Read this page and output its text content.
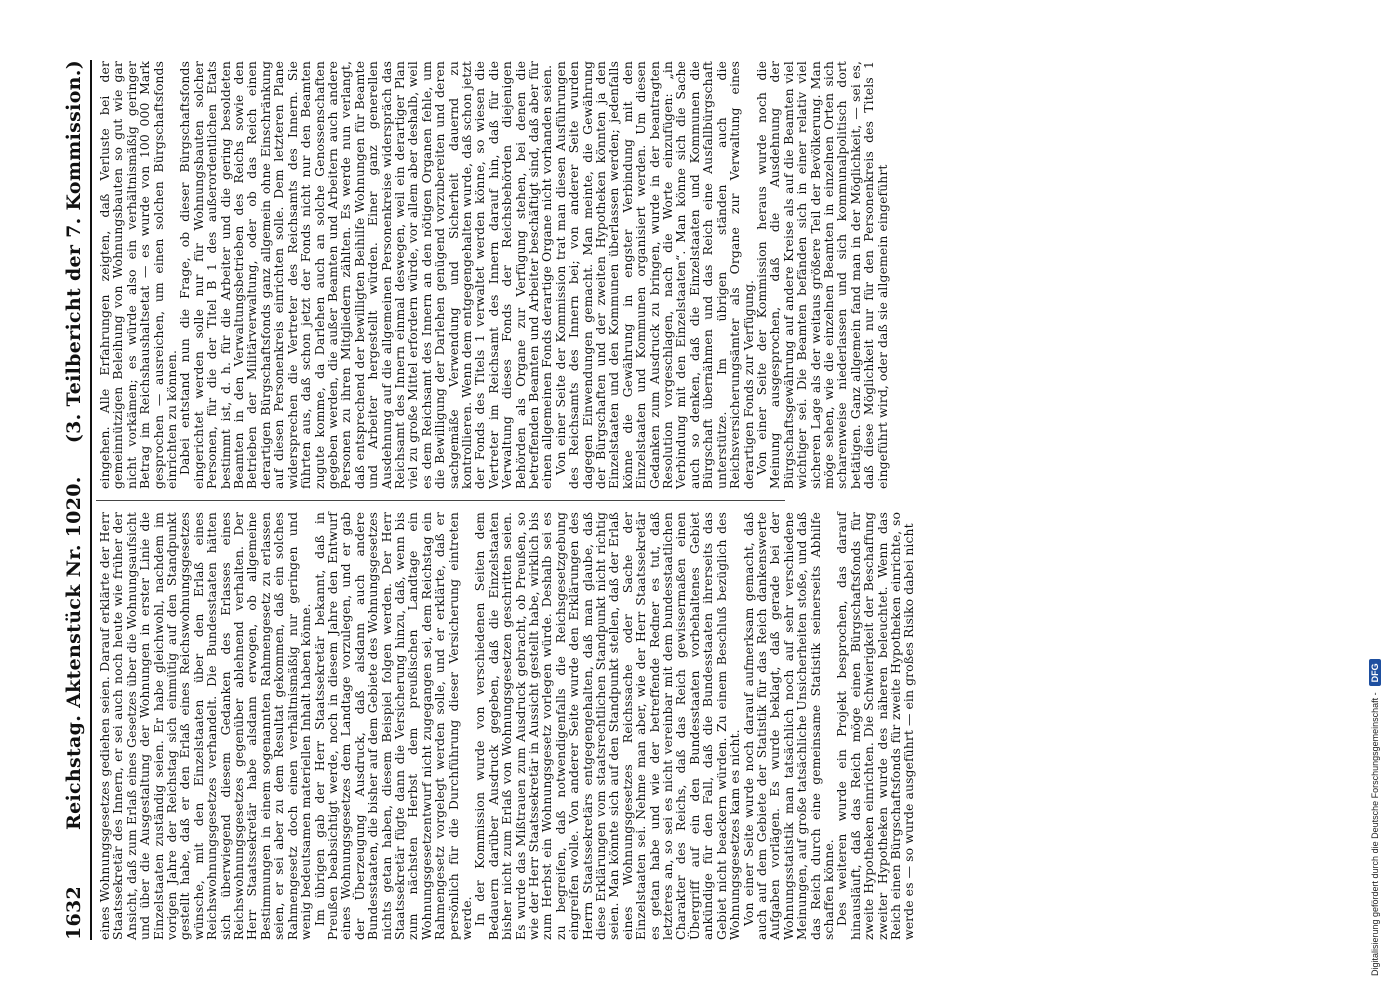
1632
Reichstag. Aktenstück Nr. 1020.
(3. Teilbericht der 7. Kommission.)

eines Wohnungsgesetzes gediehen seien. Darauf erklärte der Herr Staatssekretär des Innern, er sei auch noch heute wie früher der Ansicht, daß zum Erlaß eines Gesetzes über die Wohnungsaufsicht und über die Ausgestaltung der Wohnungen in erster Linie die Einzelstaaten zuständig seien. Er habe gleichwohl, nachdem im vorigen Jahre der Reichstag sich einmütig auf den Standpunkt gestellt habe, daß er den Erlaß eines Reichswohnungsgesetzes wünsche, mit den Einzelstaaten über den Erlaß eines Reichswohnungsgesetzes verhandelt. Die Bundesstaaten hätten sich überwiegend diesem Gedanken des Erlasses eines Reichswohnungsgesetzes gegenüber ablehnend verhalten. Der Herr Staatssekretär habe alsdann erwogen, ob allgemeine Bestimmungen in einem sogenannten Rahmengesetz zu erlassen seien, er sei aber zu dem Resultat gekommen, daß ein solches Rahmengesetz doch einen verhältnismäßig nur geringen und wenig bedeutsamen materiellen Inhalt haben könne.

Im übrigen gab der Herr Staatssekretär bekannt, daß in Preußen beabsichtigt werde, noch in diesem Jahre den Entwurf eines Wohnungsgesetzes dem Landtage vorzulegen, und er gab der Überzeugung Ausdruck, daß alsdann auch andere Bundesstaaten, die bisher auf dem Gebiete des Wohnungsgesetzes nichts getan haben, diesem Beispiel folgen werden. Der Herr Staatssekretär fügte dann die Versicherung hinzu, daß, wenn bis zum nächsten Herbst dem preußischen Landtage ein Wohnungsgesetzentwurf nicht zugegangen sei, dem Reichstag ein Rahmengesetz vorgelegt werden solle, und er erklärte, daß er persönlich für die Durchführung dieser Versicherung eintreten werde.

In der Kommission wurde von verschiedenen Seiten dem Bedauern darüber Ausdruck gegeben, daß die Einzelstaaten bisher nicht zum Erlaß von Wohnungsgesetzen geschritten seien. Es wurde das Mißtrauen zum Ausdruck gebracht, ob Preußen, so wie der Herr Staatssekretär in Aussicht gestellt habe, wirklich bis zum Herbst ein Wohnungsgesetz vorlegen würde. Deshalb sei es zu begreifen, daß notwendigenfalls die Reichsgesetzgebung eingreifen wolle. Von anderer Seite wurde den Erklärungen des Herrn Staatssekretärs entgegengehalten, daß man glaube, daß diese Erklärungen vom staatsrechtlichen Standpunkt nicht richtig seien. Man könnte sich auf den Standpunkt stellen, daß der Erlaß eines Wohnungsgesetzes Reichssache oder Sache der Einzelstaaten sei. Nehme man aber, wie der Herr Staatssekretär es getan habe und wie der betreffende Redner es tut, daß letzteres an, so sei es nicht vereinbar mit dem bundesstaatlichen Charakter des Reichs, daß das Reich gewissermaßen einen Übergriff auf ein den Bundesstaaten vorbehaltenes Gebiet ankündige für den Fall, daß die Bundesstaaten ihrerseits das Gebiet nicht beackern würden. Zu einem Beschluß bezüglich des Wohnungsgesetzes kam es nicht.

Von einer Seite wurde noch darauf aufmerksam gemacht, daß auch auf dem Gebiete der Statistik für das Reich dankenswerte Aufgaben vorlägen. Es wurde beklagt, daß gerade bei der Wohnungsstatistik man tatsächlich noch auf sehr verschiedene Meinungen, auf große tatsächliche Unsicherheiten stoße, und daß das Reich durch eine gemeinsame Statistik seinerseits Abhilfe schaffen könne.

Des weiteren wurde ein Projekt besprochen, das darauf hinausläuft, daß das Reich möge einen Bürgschaftsfonds für zweite Hypotheken einrichten. Die Schwierigkeit der Beschaffung zweiter Hypotheken wurde des näheren beleuchtet. Wenn das Reich einen Bürgschaftsfonds für zweite Hypotheken einrichte, so werde es — so wurde ausgeführt — ein großes Risiko dabei nicht

eingehen. Alle Erfahrungen zeigten, daß Verluste bei der gemeinnützigen Beleihung von Wohnungsbauten so gut wie gar nicht vorkämen; es würde also ein verhältnismäßig geringer Betrag im Reichshaushaltsetat — es wurde von 100 000 Mark gesprochen — ausreichen, um einen solchen Bürgschaftsfonds einrichten zu können.

Dabei entstand nun die Frage, ob dieser Bürgschaftsfonds eingerichtet werden solle nur für Wohnungsbauten solcher Personen, für die der Titel B 1 des außerordentlichen Etats bestimmt ist, d. h. für die Arbeiter und die gering besoldeten Beamten in den Verwaltungsbetrieben des Reichs sowie den Betrieben der Militärverwaltung, oder ob das Reich einen derartigen Bürgschaftsfonds ganz allgemein ohne Einschränkung auf diesen Personenkreis einrichten solle. Dem letzteren Plane widersprechen die Vertreter des Reichsamts des Innern. Sie führten aus, daß schon jetzt der Fonds nicht nur den Beamten zugute komme, da Darlehen auch an solche Genossenschaften gegeben werden, die außer Beamten und Arbeitern auch andere Personen zu ihren Mitgliedern zählten. Es werde nun verlangt, daß entsprechend der bewilligten Beihilfe Wohnungen für Beamte und Arbeiter hergestellt würden. Einer ganz generellen Ausdehnung auf die allgemeinen Personenkreise widerspräch das Reichsamt des Innern einmal deswegen, weil ein derartiger Plan viel zu große Mittel erfordern würde, vor allem aber deshalb, weil es dem Reichsamt des Innern an den nötigen Organen fehle, um die Bewilligung der Darlehen genügend vorzubereiten und deren sachgemäße Verwendung und Sicherheit dauernd zu kontrollieren. Wenn dem entgegengehalten wurde, daß schon jetzt der Fonds des Titels 1 verwaltet werden könne, so wiesen die Vertreter im Reichsamt des Innern darauf hin, daß für die Verwaltung dieses Fonds der Reichsbehörden diejenigen Behörden als Organe zur Verfügung stehen, bei denen die betreffenden Beamten und Arbeiter beschäftigt sind, daß aber für einen allgemeinen Fonds derartige Organe nicht vorhanden seien.

Von einer Seite der Kommission trat man diesen Ausführungen des Reichsamts des Innern bei; von anderer Seite wurden dagegen Einwendungen gemacht. Man meinte, die Gewährung der Bürgschaften und der zweiten Hypotheken könnten ja den Einzelstaaten und den Kommunen überlassen werden; jedenfalls könne die Gewährung in engster Verbindung mit den Einzelstaaten und Kommunen organisiert werden. Um diesen Gedanken zum Ausdruck zu bringen, wurde in der beantragten Resolution vorgeschlagen, nach die Worte einzufügen: „in Verbindung mit den Einzelstaaten“. Man könne sich die Sache auch so denken, daß die Einzelstaaten und Kommunen die Bürgschaft übernähmen und das Reich eine Ausfallbürgschaft unterstütze. Im übrigen ständen auch die Reichsversicherungsämter als Organe zur Verwaltung eines derartigen Fonds zur Verfügung.

Von einer Seite der Kommission heraus wurde noch die Meinung ausgesprochen, daß die Ausdehnung der Bürgschaftsgewährung auf andere Kreise als auf die Beamten viel wichtiger sei. Die Beamten befänden sich in einer relativ viel sicheren Lage als der weitaus größere Teil der Bevölkerung. Man möge sehen, wie die einzelnen Beamten in einzelnen Orten sich scharenweise niederlassen und sich kommunalpolitisch dort betätigen. Ganz allgemein fand man in der Möglichkeit, — sei es, daß diese Möglichkeit nur für den Personenkreis des Titels 1 eingeführt wird, oder daß sie allgemein eingeführt

Digitalisierung gefördert durch die Deutsche Forschungsgemeinschaft -
DFG
